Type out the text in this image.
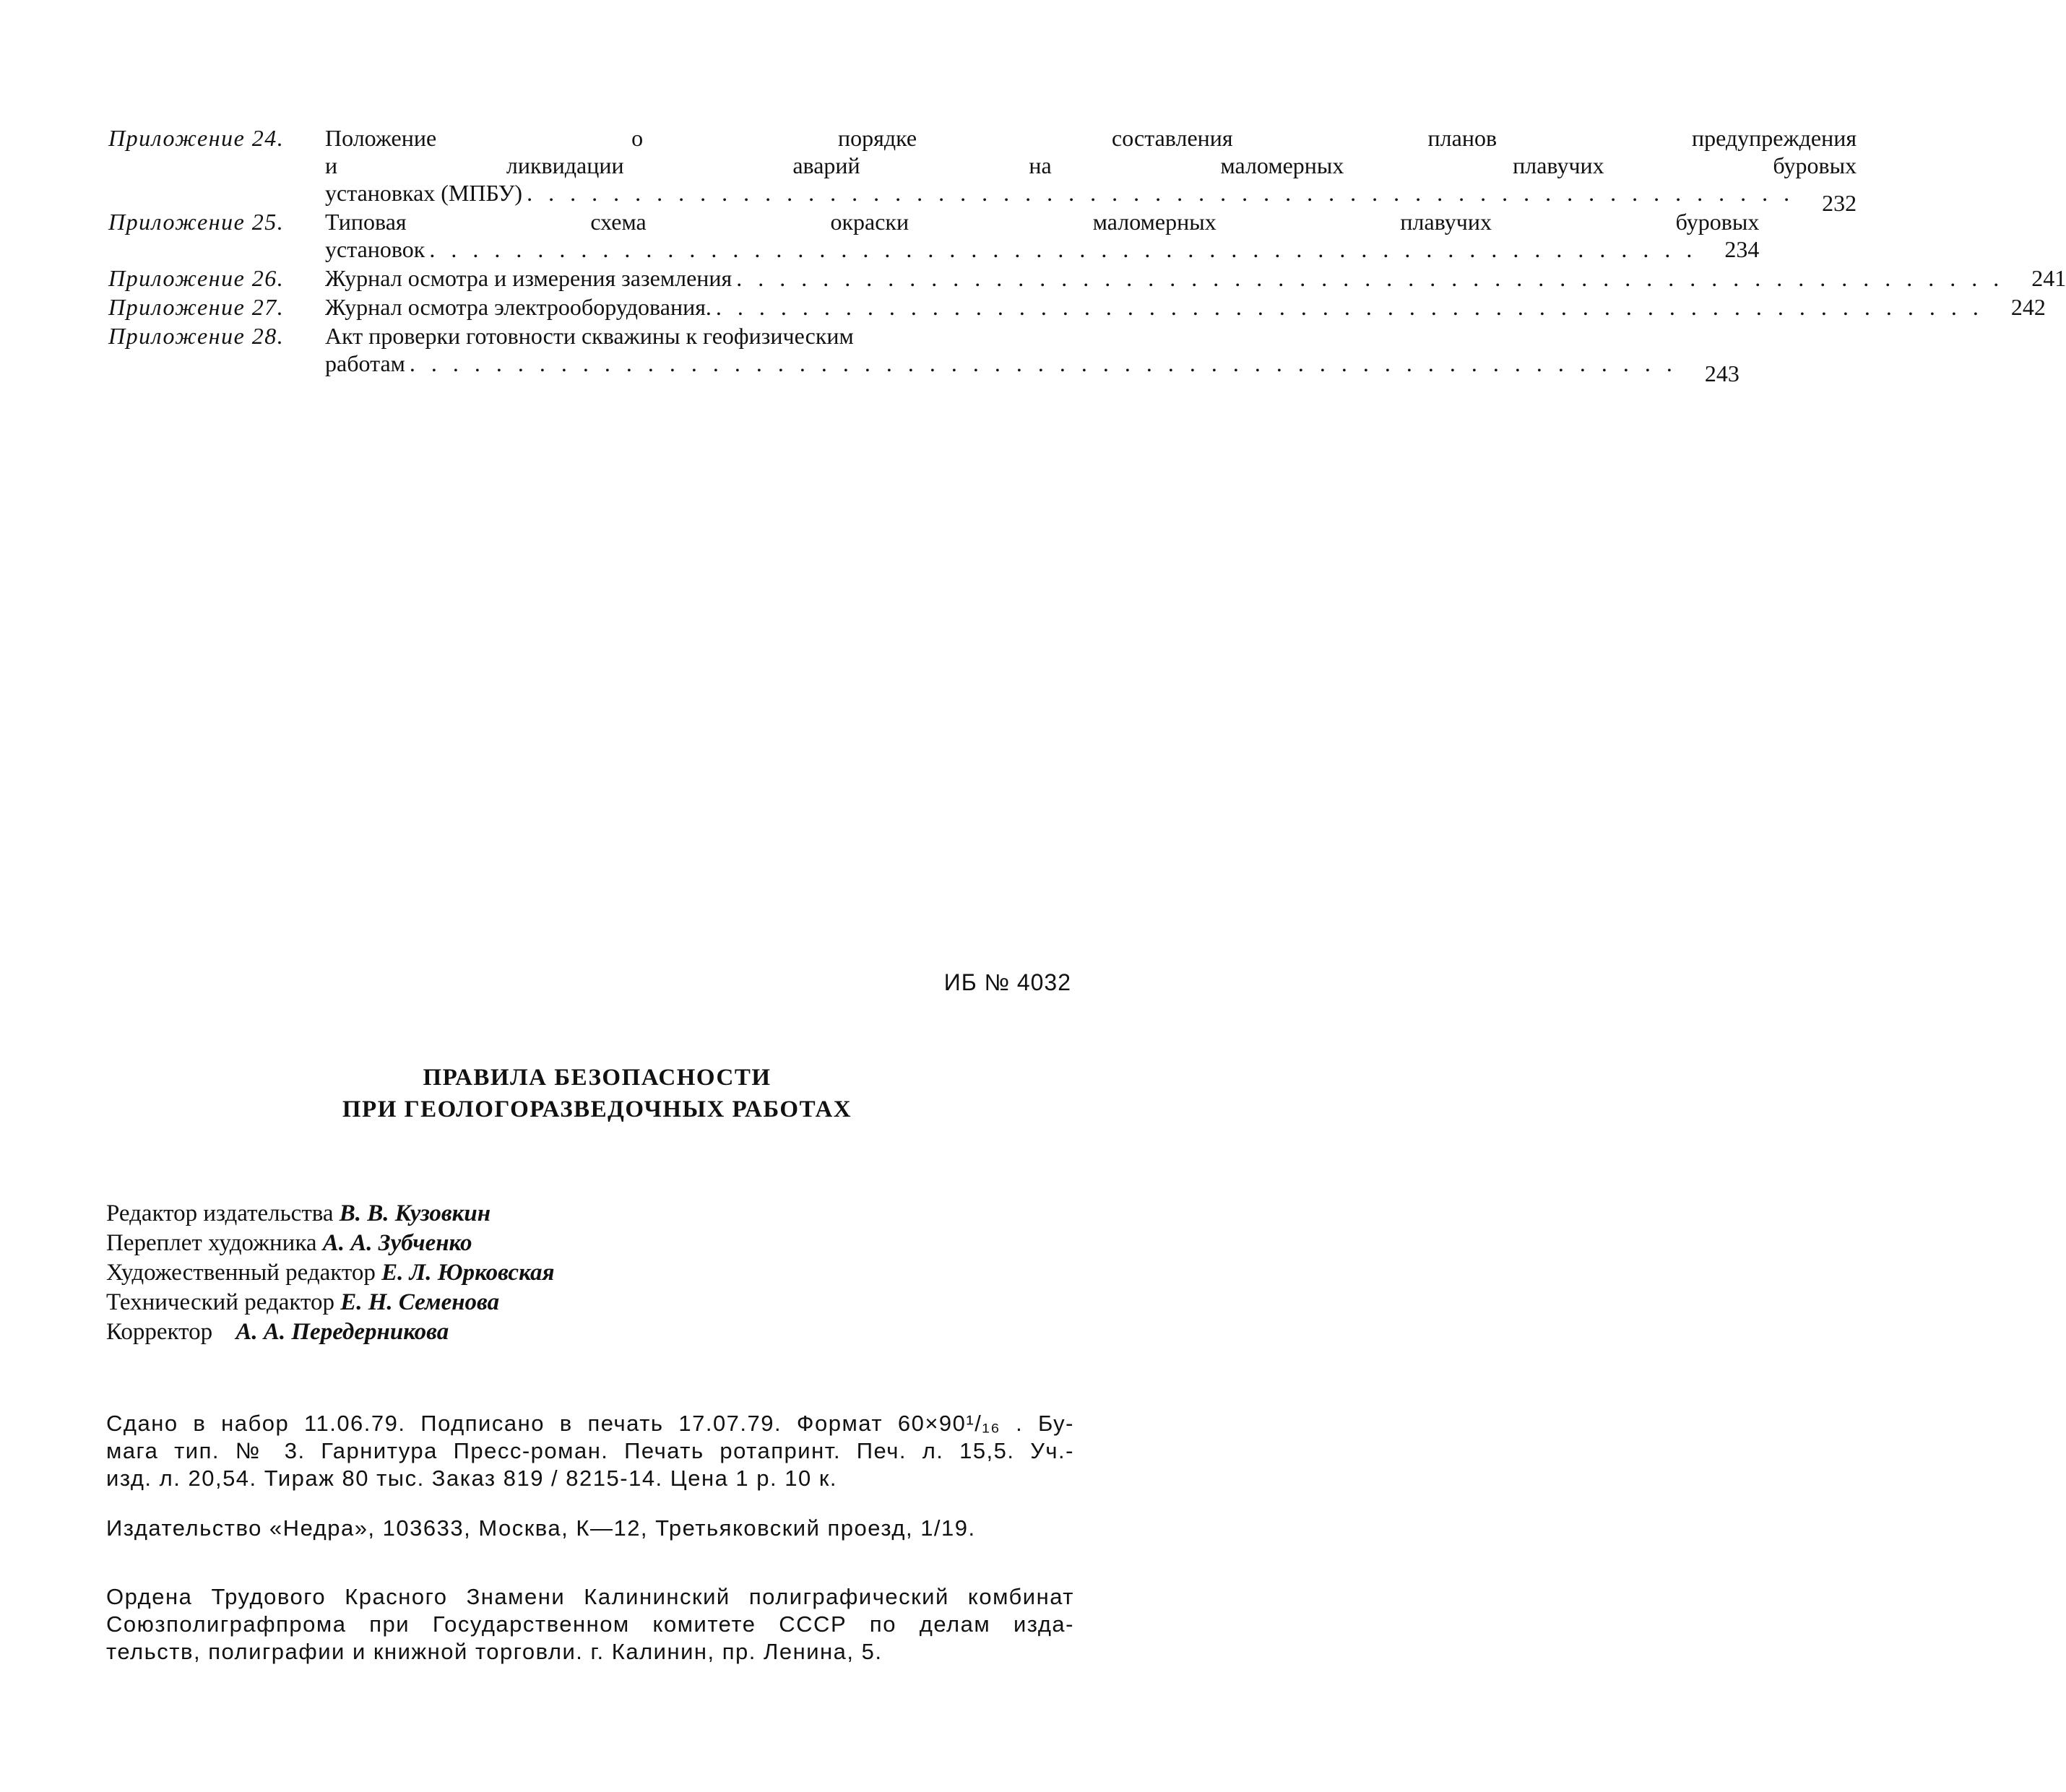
Приложение 24.	Положение о порядке составления планов предупреждения
и ликвидации аварий на маломерных плавучих буровых
установках (МПБУ) . . . . . . . . . . . . . . . . . . . . . . . . . . . . . . . . . . . . . . . . . . . . . . . . . . . . . . . . . . .	232
Приложение 25.	Типовая схема окраски маломерных плавучих буровых
установок . . . . . . . . . . . . . . . . . . . . . . . . . . . . . . . . . . . . . . . . . . . . . . . . . . . . . . . . . . .	234
Приложение 26.	Журнал осмотра и измерения заземления . . . . . . . . . . . . . . . . . . . . . . . . . . . . . . . . . . . . . . . . . . . . . . . . . . . . . . . . . . .	241
Приложение 27.	Журнал осмотра электрооборудования. . . . . . . . . . . . . . . . . . . . . . . . . . . . . . . . . . . . . . . . . . . . . . . . . . . . . . . . . . . .	242
Приложение 28.	Акт проверки готовности скважины к геофизическим
работам . . . . . . . . . . . . . . . . . . . . . . . . . . . . . . . . . . . . . . . . . . . . . . . . . . . . . . . . . . .	243
ИБ № 4032
ПРАВИЛА БЕЗОПАСНОСТИ
ПРИ ГЕОЛОГОРАЗВЕДОЧНЫХ РАБОТАХ
Редактор издательства В. В. Кузовкин
Переплет художника А. А. Зубченко
Художественный редактор Е. Л. Юрковская
Технический редактор Е. Н. Семенова
Корректор А. А. Передерникова
Сдано в набор 11.06.79. Подписано в печать 17.07.79. Формат 60×90¹/₁₆ . Бу-
мага тип. № 3. Гарнитура Пресс-роман. Печать ротапринт. Печ. л. 15,5. Уч.-
изд. л. 20,54. Тираж 80 тыс. Заказ 819 / 8215-14. Цена 1 р. 10 к.
Издательство «Недра», 103633, Москва, К—12, Третьяковский проезд, 1/19.
Ордена Трудового Красного Знамени Калининский полиграфический комбинат
Союзполиграфпрома при Государственном комитете СССР по делам изда-
тельств, полиграфии и книжной торговли. г. Калинин, пр. Ленина, 5.
